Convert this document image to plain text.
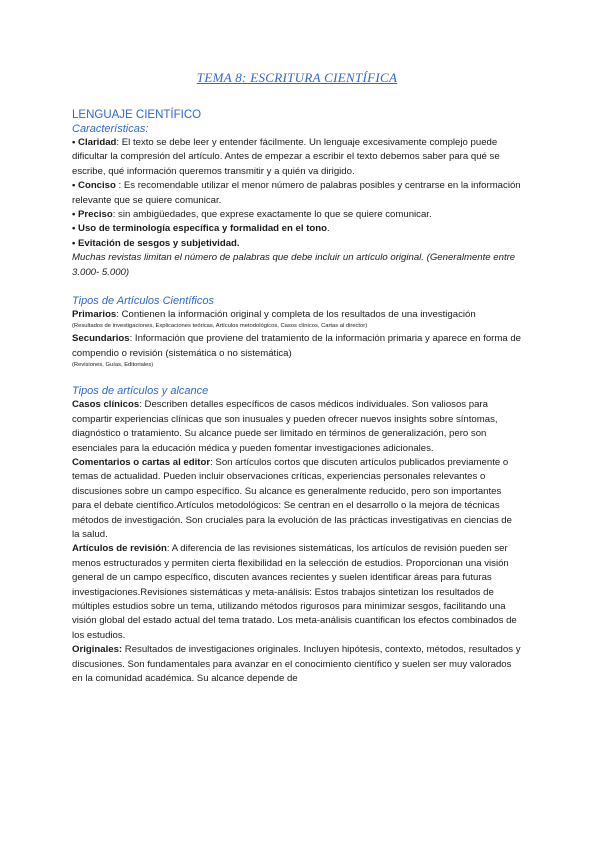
TEMA 8: ESCRITURA CIENTÍFICA
LENGUAJE CIENTÍFICO
Características:

• Claridad: El texto se debe leer y entender fácilmente. Un lenguaje excesivamente complejo puede dificultar la compresión del artículo. Antes de empezar a escribir el texto debemos saber para qué se escribe, qué información queremos transmitir y a quién va dirigido.

• Conciso : Es recomendable utilizar el menor número de palabras posibles y centrarse en la información relevante que se quiere comunicar.

• Preciso: sin ambigüedades, que exprese exactamente lo que se quiere comunicar.

• Uso de terminología específica y formalidad en el tono.

• Evitación de sesgos y subjetividad.

Muchas revistas limitan el número de palabras que debe incluir un artículo original. (Generalmente entre 3.000- 5.000)

Tipos de Artículos Científicos

Primarios: Contienen la información original y completa de los resultados de una investigación

(Resultados de investigaciones, Explicaciones teóricas, Artículos metodológicos, Casos clínicos, Cartas al director)

Secundarios: Información que proviene del tratamiento de la información primaria y aparece en forma de compendio o revisión (sistemática o no sistemática)

(Revisiones, Guías, Editoriales)

Tipos de artículos y alcance

Casos clínicos: Describen detalles específicos de casos médicos individuales. Son valiosos para compartir experiencias clínicas que son inusuales y pueden ofrecer nuevos insights sobre síntomas, diagnóstico o tratamiento. Su alcance puede ser limitado en términos de generalización, pero son esenciales para la educación médica y pueden fomentar investigaciones adicionales.

Comentarios o cartas al editor: Son artículos cortos que discuten artículos publicados previamente o temas de actualidad. Pueden incluir observaciones críticas, experiencias personales relevantes o discusiones sobre un campo específico. Su alcance es generalmente reducido, pero son importantes para el debate científico.Artículos metodológicos: Se centran en el desarrollo o la mejora de técnicas métodos de investigación. Son cruciales para la evolución de las prácticas investigativas en ciencias de la salud.

Artículos de revisión: A diferencia de las revisiones sistemáticas, los artículos de revisión pueden ser menos estructurados y permiten cierta flexibilidad en la selección de estudios. Proporcionan una visión general de un campo específico, discuten avances recientes y suelen identificar áreas para futuras investigaciones.Revisiones sistemáticas y meta-análisis: Estos trabajos sintetizan los resultados de múltiples estudios sobre un tema, utilizando métodos rigurosos para minimizar sesgos, facilitando una visión global del estado actual del tema tratado. Los meta-análisis cuantifican los efectos combinados de los estudios.

Originales: Resultados de investigaciones originales. Incluyen hipótesis, contexto, métodos, resultados y discusiones. Son fundamentales para avanzar en el conocimiento científico y suelen ser muy valorados en la comunidad académica. Su alcance depende de
